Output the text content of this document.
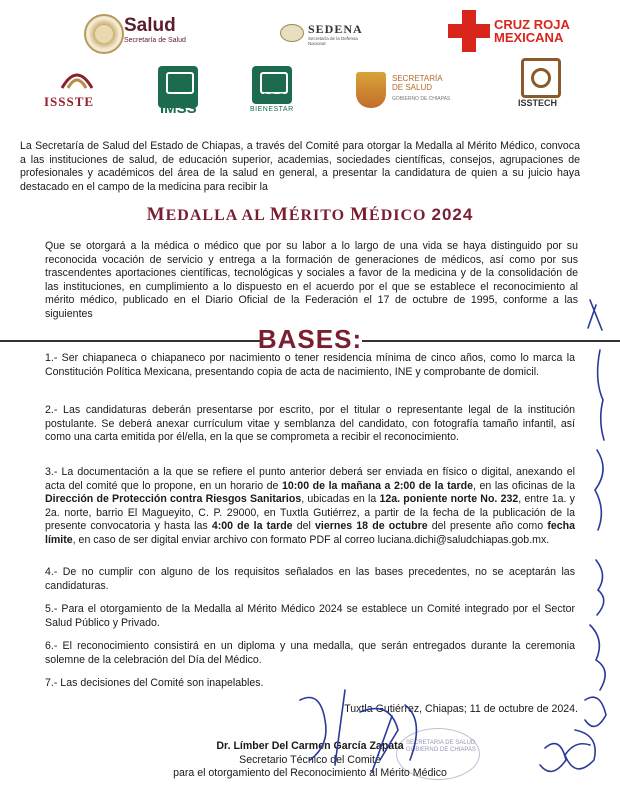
Salud
Secretaría de Salud
SEDENA
Secretaría de la Defensa Nacional
CRUZ ROJA
MEXICANA
ISSSTE	IMSS
IMSS
BIENESTAR
SECRETARÍA
DE SALUD
GOBIERNO DE CHIAPAS	ISSTECH

La Secretaría de Salud del Estado de Chiapas, a través del Comité para otorgar la Medalla al Mérito Médico, convoca a las instituciones de salud, de educación superior, academias, sociedades científicas, consejos, agrupaciones de profesionales y académicos del área de la salud en general, a presentar la candidatura de quien a su juicio haya destacado en el campo de la medicina para recibir la

MEDALLA AL MÉRITO MÉDICO 2024

Que se otorgará a la médica o médico que por su labor a lo largo de una vida se haya distinguido por su reconocida vocación de servicio y entrega a la formación de generaciones de médicos, así como por sus trascendentes aportaciones científicas, tecnológicas y sociales a favor de la medicina y de la consolidación de las instituciones, en cumplimiento a lo dispuesto en el acuerdo por el que se establece el reconocimiento al mérito médico, publicado en el Diario Oficial de la Federación el 17 de octubre de 1995, conforme a las siguientes

BASES:

1.- Ser chiapaneca o chiapaneco por nacimiento o tener residencia mínima de cinco años, como lo marca la Constitución Política Mexicana, presentando copia de acta de nacimiento, INE y comprobante de domicil.

2.- Las candidaturas deberán presentarse por escrito, por el titular o representante legal de la institución postulante. Se deberá anexar currículum vitae y semblanza del candidato, con fotografía tamaño infantil, así como una carta emitida por él/ella, en la que se comprometa a recibir el reconocimiento.

3.- La documentación a la que se refiere el punto anterior deberá ser enviada en físico o digital, anexando el acta del comité que lo propone, en un horario de 10:00 de la mañana a 2:00 de la tarde, en las oficinas de la Dirección de Protección contra Riesgos Sanitarios, ubicadas en la 12a. poniente norte No. 232, entre 1a. y 2a. norte, barrio El Magueyito, C. P. 29000, en Tuxtla Gutiérrez, a partir de la fecha de la publicación de la presente convocatoria y hasta las 4:00 de la tarde del viernes 18 de octubre del presente año como fecha límite, en caso de ser digital enviar archivo con formato PDF al correo luciana.dichi@saludchiapas.gob.mx.

4.- De no cumplir con alguno de los requisitos señalados en las bases precedentes, no se aceptarán las candidaturas.

5.- Para el otorgamiento de la Medalla al Mérito Médico 2024 se establece un Comité integrado por el Sector Salud Público y Privado.

6.- El reconocimiento consistirá en un diploma y una medalla, que serán entregados durante la ceremonia solemne de la celebración del Día del Médico.

7.- Las decisiones del Comité son inapelables.

Tuxtla Gutiérrez, Chiapas; 11 de octubre de 2024.
SECRETARÍA DE SALUD
GOBIERNO DE CHIAPAS
Dr. Límber Del Carmen García Zapata
Secretario Técnico del Comité
para el otorgamiento del Reconocimiento al Mérito Médico
